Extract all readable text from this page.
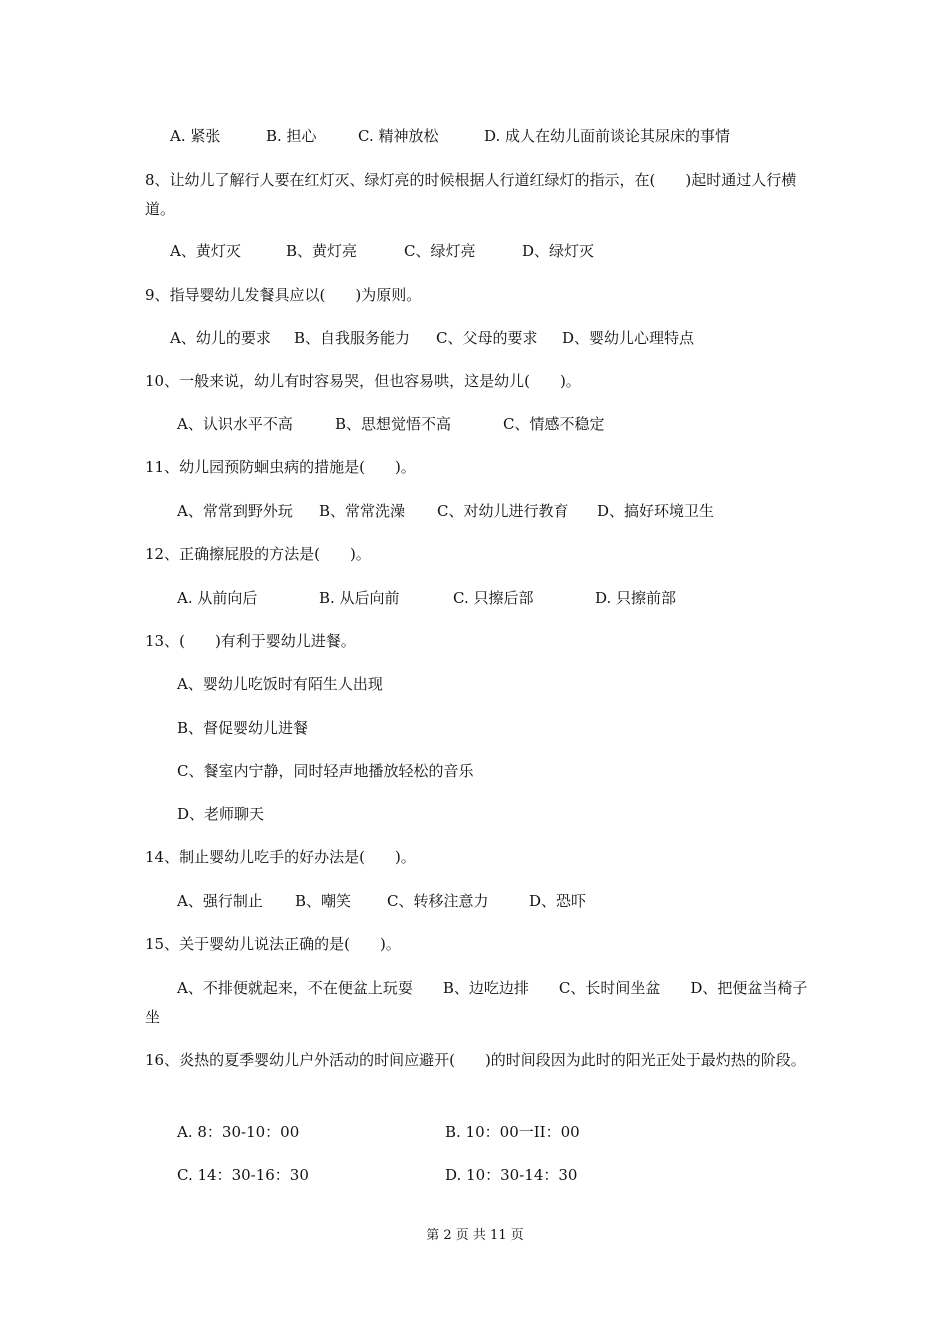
A. 紧张	B. 担心	C. 精神放松	D. 成人在幼儿面前谈论其尿床的事情
8、让幼儿了解行人要在红灯灭、绿灯亮的时候根据人行道红绿灯的指示，在(　　)起时通过人行横道。
A、黄灯灭	B、黄灯亮	C、绿灯亮	D、绿灯灭
9、指导婴幼儿发餐具应以(　　)为原则。
A、幼儿的要求 B、自我服务能力 C、父母的要求 D、婴幼儿心理特点
10、一般来说，幼儿有时容易哭，但也容易哄，这是幼儿(　　)。
A、认识水平不高	B、思想觉悟不高	C、情感不稳定
11、幼儿园预防蛔虫病的措施是(　　)。
A、常常到野外玩 B、常常洗澡 C、对幼儿进行教育 D、搞好环境卫生
12、正确擦屁股的方法是(　　)。
A. 从前向后	B. 从后向前	C. 只擦后部	D. 只擦前部
13、(　　)有利于婴幼儿进餐。
A、婴幼儿吃饭时有陌生人出现
B、督促婴幼儿进餐
C、餐室内宁静，同时轻声地播放轻松的音乐
D、老师聊天
14、制止婴幼儿吃手的好办法是(　　)。
A、强行制止 B、嘲笑 C、转移注意力	D、恐吓
15、关于婴幼儿说法正确的是(　　)。
A、不排便就起来，不在便盆上玩耍　　B、边吃边排　　C、长时间坐盆　　D、把便盆当椅子坐
16、炎热的夏季婴幼儿户外活动的时间应避开(　　)的时间段因为此时的阳光正处于最灼热的阶段。
A. 8：30-10：00	B. 10：00一II：00
C. 14：30-16：30	D. 10：30-14：30
第 2 页 共 11 页
